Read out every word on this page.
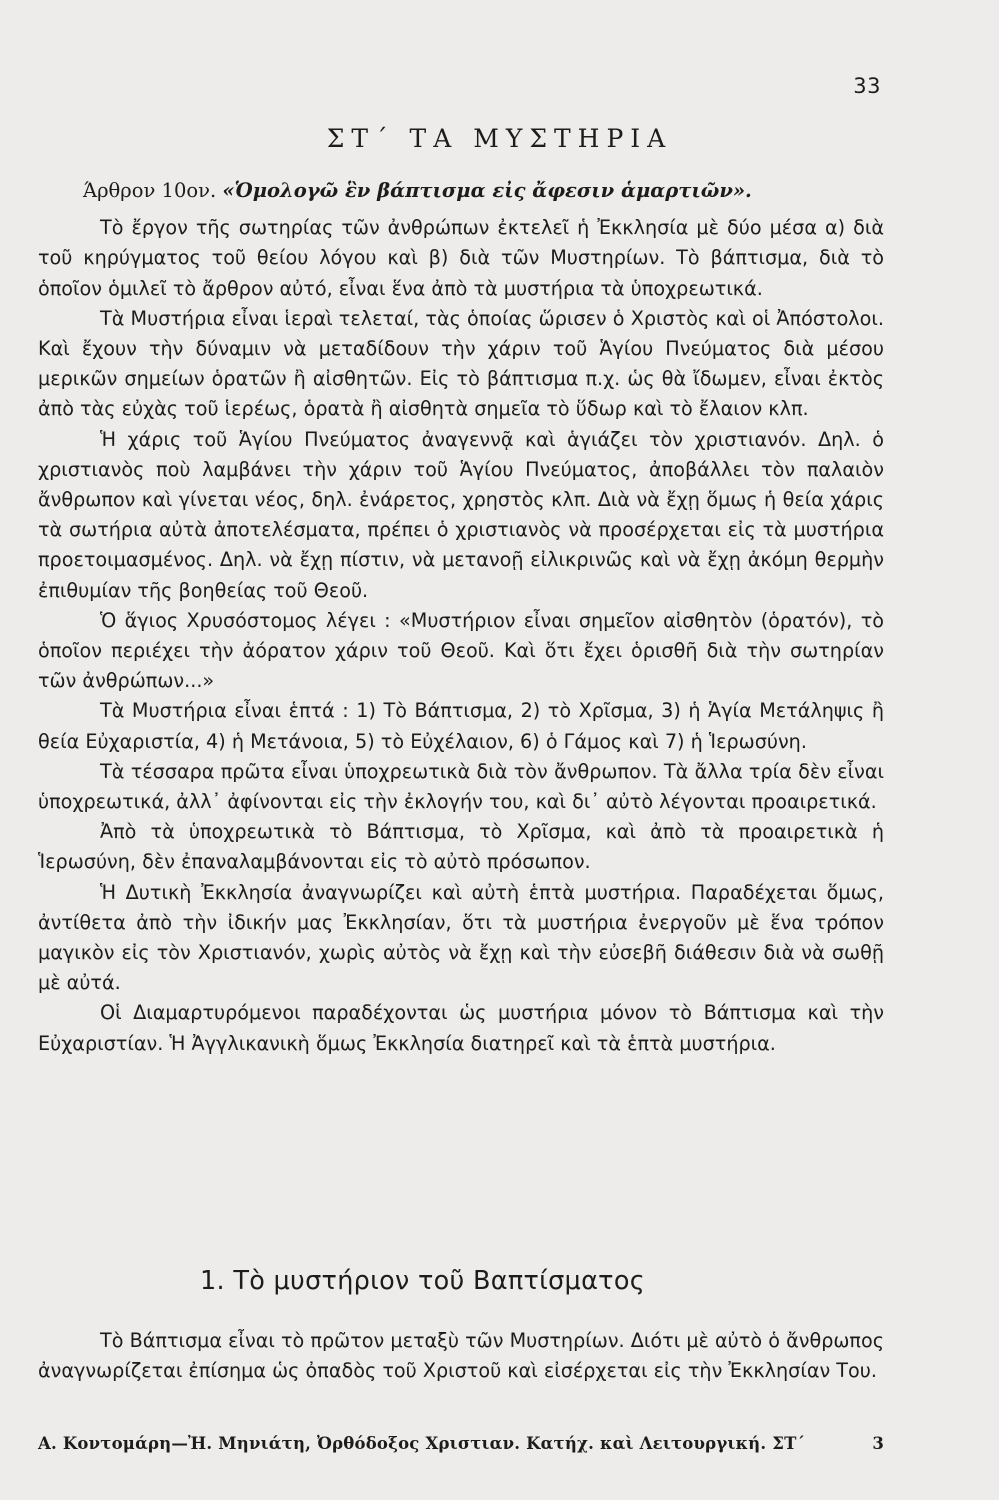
33
ΣΤ΄ ΤΑ ΜΥΣΤΗΡΙΑ

Άρθρον 10ον. «Ὁμολογῶ ἓν βάπτισμα εἰς ἄφεσιν ἁμαρτιῶν».

Τὸ ἔργον τῆς σωτηρίας τῶν ἀνθρώπων ἐκτελεῖ ἡ Ἐκκλησία μὲ δύο μέσα α) διὰ τοῦ κηρύγματος τοῦ θείου λόγου καὶ β) διὰ τῶν Μυστηρίων. Τὸ βάπτισμα, διὰ τὸ ὁποῖον ὁμιλεῖ τὸ ἄρθρον αὐτό, εἶναι ἕνα ἀπὸ τὰ μυστήρια τὰ ὑποχρεωτικά.

Τὰ Μυστήρια εἶναι ἱεραὶ τελεταί, τὰς ὁποίας ὥρισεν ὁ Χριστὸς καὶ οἱ Ἀπόστολοι. Καὶ ἔχουν τὴν δύναμιν νὰ μεταδίδουν τὴν χάριν τοῦ Ἁγίου Πνεύματος διὰ μέσου μερικῶν σημείων ὁρατῶν ἢ αἰσθητῶν. Εἰς τὸ βάπτισμα π.χ. ὡς θὰ ἴδωμεν, εἶναι ἐκτὸς ἀπὸ τὰς εὐχὰς τοῦ ἱερέως, ὁρατὰ ἢ αἰσθητὰ σημεῖα τὸ ὕδωρ καὶ τὸ ἔλαιον κλπ.

Ἡ χάρις τοῦ Ἁγίου Πνεύματος ἀναγεννᾷ καὶ ἁγιάζει τὸν χριστιανόν. Δηλ. ὁ χριστιανὸς ποὺ λαμβάνει τὴν χάριν τοῦ Ἁγίου Πνεύματος, ἀποβάλλει τὸν παλαιὸν ἄνθρωπον καὶ γίνεται νέος, δηλ. ἐνάρετος, χρηστὸς κλπ. Διὰ νὰ ἔχῃ ὅμως ἡ θεία χάρις τὰ σωτήρια αὐτὰ ἀποτελέσματα, πρέπει ὁ χριστιανὸς νὰ προσέρχεται εἰς τὰ μυστήρια προετοιμασμένος. Δηλ. νὰ ἔχῃ πίστιν, νὰ μετανοῇ εἰλικρινῶς καὶ νὰ ἔχῃ ἀκόμη θερμὴν ἐπιθυμίαν τῆς βοηθείας τοῦ Θεοῦ.

Ὁ ἅγιος Χρυσόστομος λέγει : «Μυστήριον εἶναι σημεῖον αἰσθητὸν (ὁρατόν), τὸ ὁποῖον περιέχει τὴν ἀόρατον χάριν τοῦ Θεοῦ. Καὶ ὅτι ἔχει ὁρισθῆ διὰ τὴν σωτηρίαν τῶν ἀνθρώπων...»

Τὰ Μυστήρια εἶναι ἑπτά : 1) Τὸ Βάπτισμα, 2) τὸ Χρῖσμα, 3) ἡ Ἁγία Μετάληψις ἢ θεία Εὐχαριστία, 4) ἡ Μετάνοια, 5) τὸ Εὐχέλαιον, 6) ὁ Γάμος καὶ 7) ἡ Ἱερωσύνη.

Τὰ τέσσαρα πρῶτα εἶναι ὑποχρεωτικὰ διὰ τὸν ἄνθρωπον. Τὰ ἄλλα τρία δὲν εἶναι ὑποχρεωτικά, ἀλλ᾽ ἀφίνονται εἰς τὴν ἐκλογήν του, καὶ δι᾽ αὐτὸ λέγονται προαιρετικά.

Ἀπὸ τὰ ὑποχρεωτικὰ τὸ Βάπτισμα, τὸ Χρῖσμα, καὶ ἀπὸ τὰ προαιρετικὰ ἡ Ἱερωσύνη, δὲν ἐπαναλαμβάνονται εἰς τὸ αὐτὸ πρόσωπον.

Ἡ Δυτικὴ Ἐκκλησία ἀναγνωρίζει καὶ αὐτὴ ἑπτὰ μυστήρια. Παραδέχεται ὅμως, ἀντίθετα ἀπὸ τὴν ἰδικήν μας Ἐκκλησίαν, ὅτι τὰ μυστήρια ἐνεργοῦν μὲ ἕνα τρόπον μαγικὸν εἰς τὸν Χριστιανόν, χωρὶς αὐτὸς νὰ ἔχῃ καὶ τὴν εὐσεβῆ διάθεσιν διὰ νὰ σωθῇ μὲ αὐτά.

Οἱ Διαμαρτυρόμενοι παραδέχονται ὡς μυστήρια μόνον τὸ Βάπτισμα καὶ τὴν Εὐχαριστίαν. Ἡ Ἀγγλικανικὴ ὅμως Ἐκκλησία διατηρεῖ καὶ τὰ ἑπτὰ μυστήρια.

1. Τὸ μυστήριον τοῦ Βαπτίσματος

Τὸ Βάπτισμα εἶναι τὸ πρῶτον μεταξὺ τῶν Μυστηρίων. Διότι μὲ αὐτὸ ὁ ἄνθρωπος ἀναγνωρίζεται ἐπίσημα ὡς ὀπαδὸς τοῦ Χριστοῦ καὶ εἰσέρχεται εἰς τὴν Ἐκκλησίαν Του.

Α. Κοντομάρη—Ἠ. Μηνιάτη, Ὀρθόδοξος Χριστιαν. Κατήχ. καὶ Λειτουργική. ΣΤ΄	3
